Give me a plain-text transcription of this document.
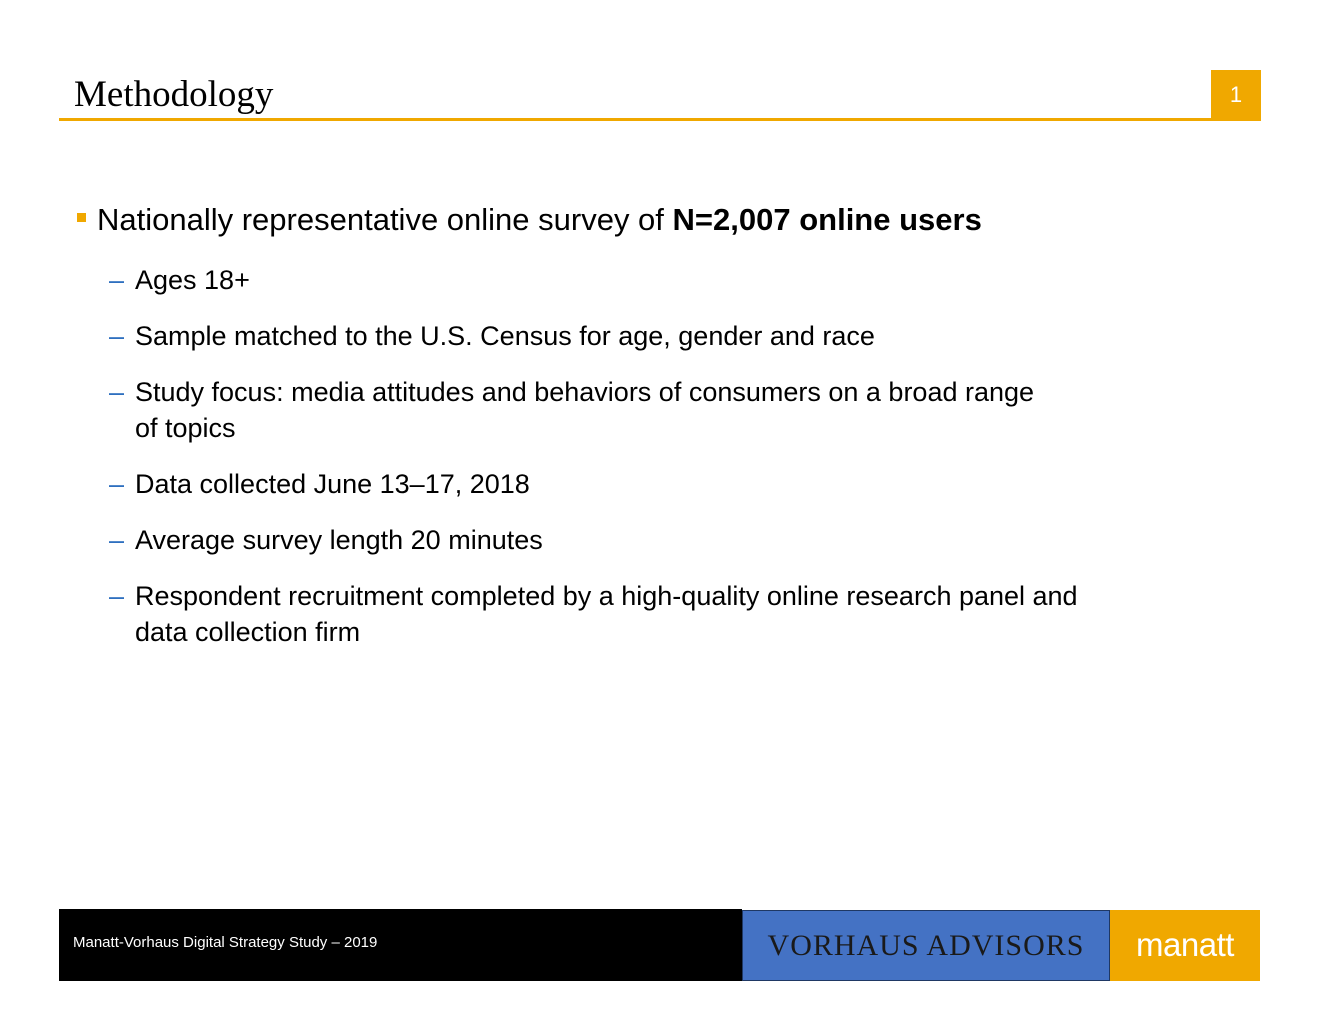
Methodology	1
Nationally representative online survey of N=2,007 online users
– Ages 18+
– Sample matched to the U.S. Census for age, gender and race
– Study focus: media attitudes and behaviors of consumers on a broad range of topics
– Data collected June 13–17, 2018
– Average survey length 20 minutes
– Respondent recruitment completed by a high-quality online research panel and data collection firm
Manatt-Vorhaus Digital Strategy Study – 2019	VORHAUS ADVISORS	manatt
